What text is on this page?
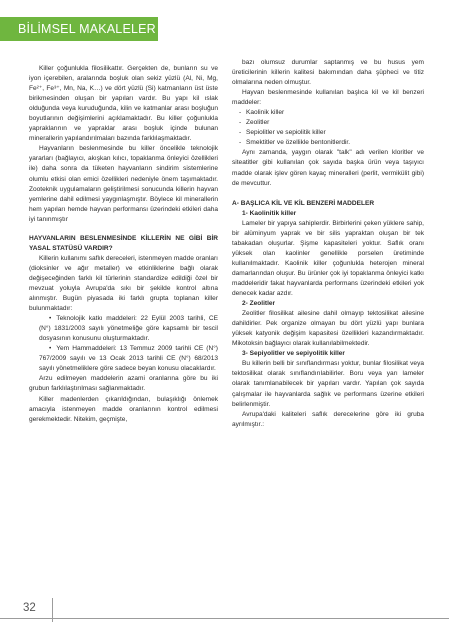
BİLİMSEL MAKALELER

Killer çoğunlukla filosilikattır. Gerçekten de, bunların su ve iyon içerebilen, aralarında boşluk olan sekiz yüzlü (Al, Ni, Mg, Fe²⁺, Fe³⁺, Mn, Na, K…) ve dört yüzlü (Si) katmanların üst üste birikmesinden oluşan bir yapıları vardır. Bu yapı kil ıslak olduğunda veya kuruduğunda, kilin ve katmanlar arası boşluğun boyutlarının değişimlerini açıklamaktadır. Bu killer çoğunlukla yapraklarının ve yapraklar arası boşluk içinde bulunan minerallerin yapılandırılmaları bazında farklılaşmaktadır.

Hayvanların beslenmesinde bu killer öncelikle teknolojik yararları (bağlayıcı, akışkan kılıcı, topaklanma önleyici özellikleri ile) daha sonra da tüketen hayvanların sindirim sistemlerine olumlu etkisi olan emici özellikleri nedeniyle önem taşımaktadır. Zooteknik uygulamaların geliştirilmesi sonucunda killerin hayvan yemlerine dahil edilmesi yaygınlaşmıştır. Böylece kil minerallerin hem yapıları hemde hayvan performansı üzerindeki etkileri daha iyi tanınmıştır

HAYVANLARIN BESLENMESİNDE KİLLERİN NE GİBİ BİR YASAL STATÜSÜ VARDIR?

Killerin kullanımı saflık dereceleri, istenmeyen madde oranları (dioksinler ve ağır metaller) ve etkinliklerine bağlı olarak değişeceğinden farklı kil türlerinin standardize edildiği özel bir mevzuat yoluyla Avrupa'da sıkı bir şekilde kontrol altına alınmıştır. Bugün piyasada iki farklı grupta toplanan killer bulunmaktadır:

• Teknolojik katkı maddeleri: 22 Eylül 2003 tarihli, CE (N°) 1831/2003 sayılı yönetmeliğe göre kapsamlı bir tescil dosyasının konusunu oluşturmaktadır.

• Yem Hammaddeleri: 13 Temmuz 2009 tarihli CE (N°) 767/2009 sayılı ve 13 Ocak 2013 tarihli CE (N°) 68/2013 sayılı yönetmeliklere göre sadece beyan konusu olacaklardır.

Arzu edilmeyen maddelerin azami oranlarına göre bu iki grubun farklılaştırılması sağlanmaktadır.

Killer madenlerden çıkarıldığından, bulaşıklığı önlemek amacıyla istenmeyen madde oranlarının kontrol edilmesi gerekmektedir. Nitekim, geçmişte,

bazı olumsuz durumlar saptanmış ve bu husus yem üreticilerinin killerin kalitesi bakımından daha şüpheci ve titiz olmalarına neden olmuştur.

Hayvan beslenmesinde kullanılan başlıca kil ve kil benzeri maddeler:

- Kaolinik killer
- Zeolitler
- Sepiolitler ve sepiolitik killer
- Smektitler ve özellikle bentonitlerdir.

Aynı zamanda, yaygın olarak "talk" adı verilen kloritler ve siteatitler gibi kullanılan çok sayıda başka ürün veya taşıyıcı madde olarak işlev gören kayaç mineralleri (perlit, vermikülit gibi) de mevcuttur.

A- BAŞLICA KİL VE KİL BENZERİ MADDELER

1- Kaolinitik killer

Lameler bir yapıya sahiplerdir. Birbirlerini çeken yüklere sahip, bir alüminyum yaprak ve bir silis yapraktan oluşan bir tek tabakadan oluşurlar. Şişme kapasiteleri yoktur. Saflık oranı yüksek olan kaolinler genellikle porselen üretiminde kullanılmaktadır. Kaolinik killer çoğunlukla heterojen mineral damarlarından oluşur. Bu ürünler çok iyi topaklanma önleyici katkı maddeleridir fakat hayvanlarda performans üzerindeki etkileri yok denecek kadar azdır.

2- Zeolitler

Zeolitler filosilikat ailesine dahil olmayıp tektosilikat ailesine dahildirler. Pek organize olmayan bu dört yüzlü yapı bunlara yüksek katyonik değişim kapasitesi özellikleri kazandırmaktadır. Mikotoksin bağlayıcı olarak kullanılabilmektedir.

3- Sepiyolitler ve sepiyolitik killer

Bu killerin belli bir sınıflandırması yoktur, bunlar filosilikat veya tektosilikat olarak sınıflandırılabilirler. Boru veya yarı lameler olarak tanımlanabilecek bir yapıları vardır. Yapılan çok sayıda çalışmalar ile hayvanlarda sağlık ve performans üzerine etkileri belirlenmiştir.

Avrupa'daki kaliteleri saflık derecelerine göre iki gruba ayrılmıştır.:

32
